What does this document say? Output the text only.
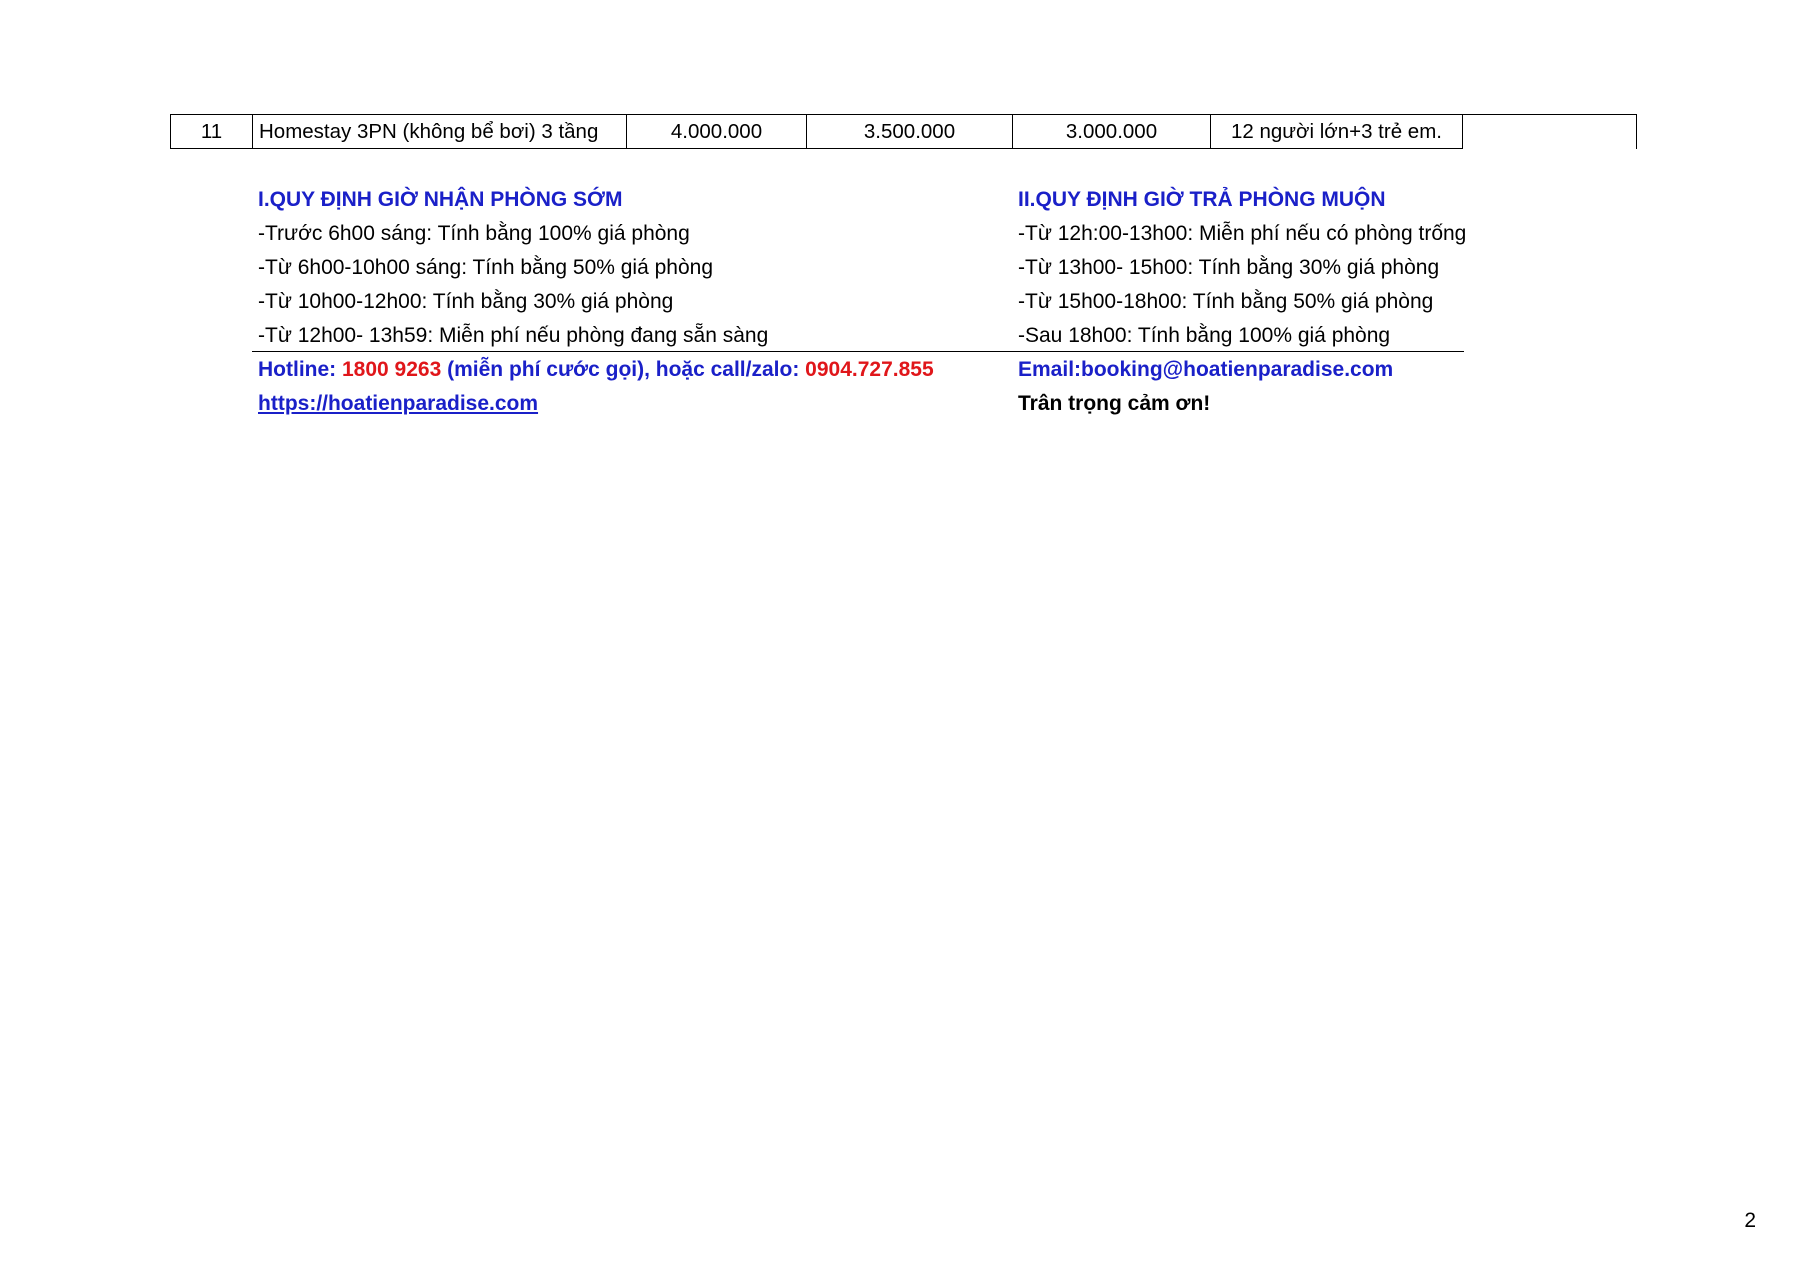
11	Homestay 3PN (không bể bơi) 3 tầng	4.000.000	3.500.000	3.000.000	12 người lớn+3 trẻ em.	
I.QUY ĐỊNH GIỜ NHẬN PHÒNG SỚM
-Trước 6h00 sáng: Tính bằng 100% giá phòng
-Từ 6h00-10h00 sáng: Tính bằng 50% giá phòng
-Từ 10h00-12h00: Tính bằng 30% giá phòng
-Từ 12h00- 13h59: Miễn phí nếu phòng đang sẵn sàng
II.QUY ĐỊNH GIỜ TRẢ PHÒNG MUỘN
-Từ 12h:00-13h00: Miễn phí nếu có phòng trống
-Từ 13h00- 15h00: Tính bằng 30% giá phòng
-Từ 15h00-18h00: Tính bằng 50% giá phòng
-Sau 18h00: Tính bằng 100% giá phòng
Hotline: 1800 9263 (miễn phí cước gọi), hoặc call/zalo: 0904.727.855	Email:booking@hoatienparadise.com
https://hoatienparadise.com	Trân trọng cảm ơn!
2
